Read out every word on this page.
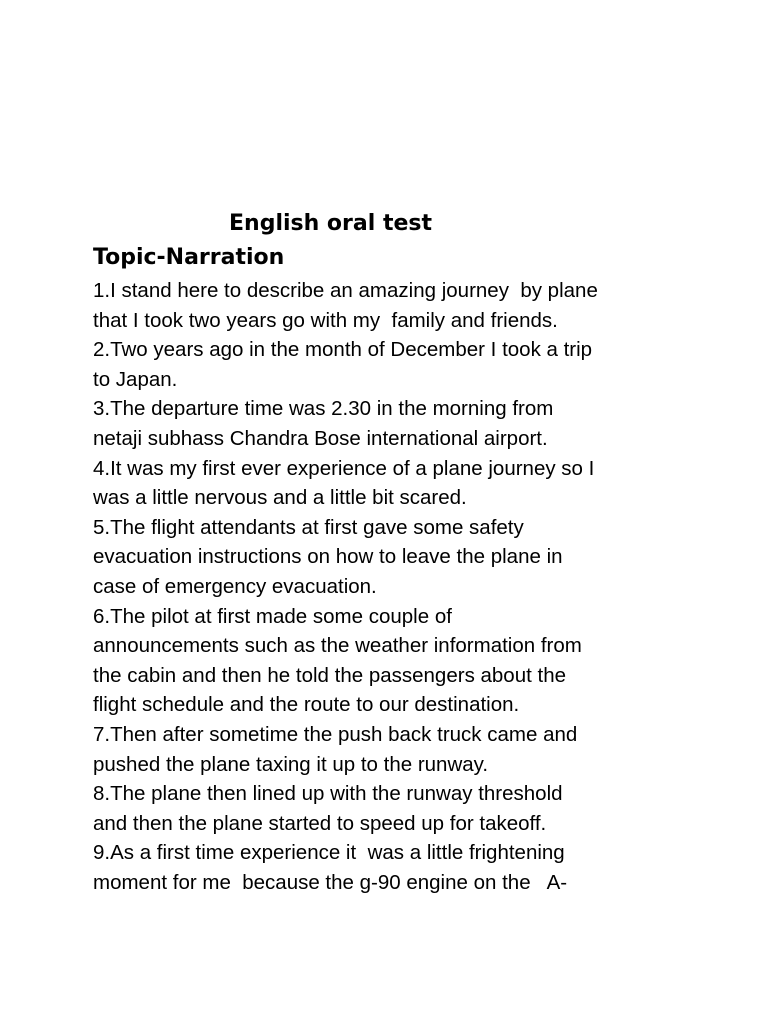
English oral test
Topic-Narration

1.I stand here to describe an amazing journey  by plane

that I took two years go with my  family and friends.

2.Two years ago in the month of December I took a trip

to Japan.

3.The departure time was 2.30 in the morning from

netaji subhass Chandra Bose international airport.

4.It was my first ever experience of a plane journey so I

was a little nervous and a little bit scared.

5.The flight attendants at first gave some safety

evacuation instructions on how to leave the plane in

case of emergency evacuation.

6.The pilot at first made some couple of

announcements such as the weather information from

the cabin and then he told the passengers about the

flight schedule and the route to our destination.

7.Then after sometime the push back truck came and

pushed the plane taxing it up to the runway.

8.The plane then lined up with the runway threshold

and then the plane started to speed up for takeoff.

9.As a first time experience it  was a little frightening

moment for me  because the g-90 engine on the   A-
